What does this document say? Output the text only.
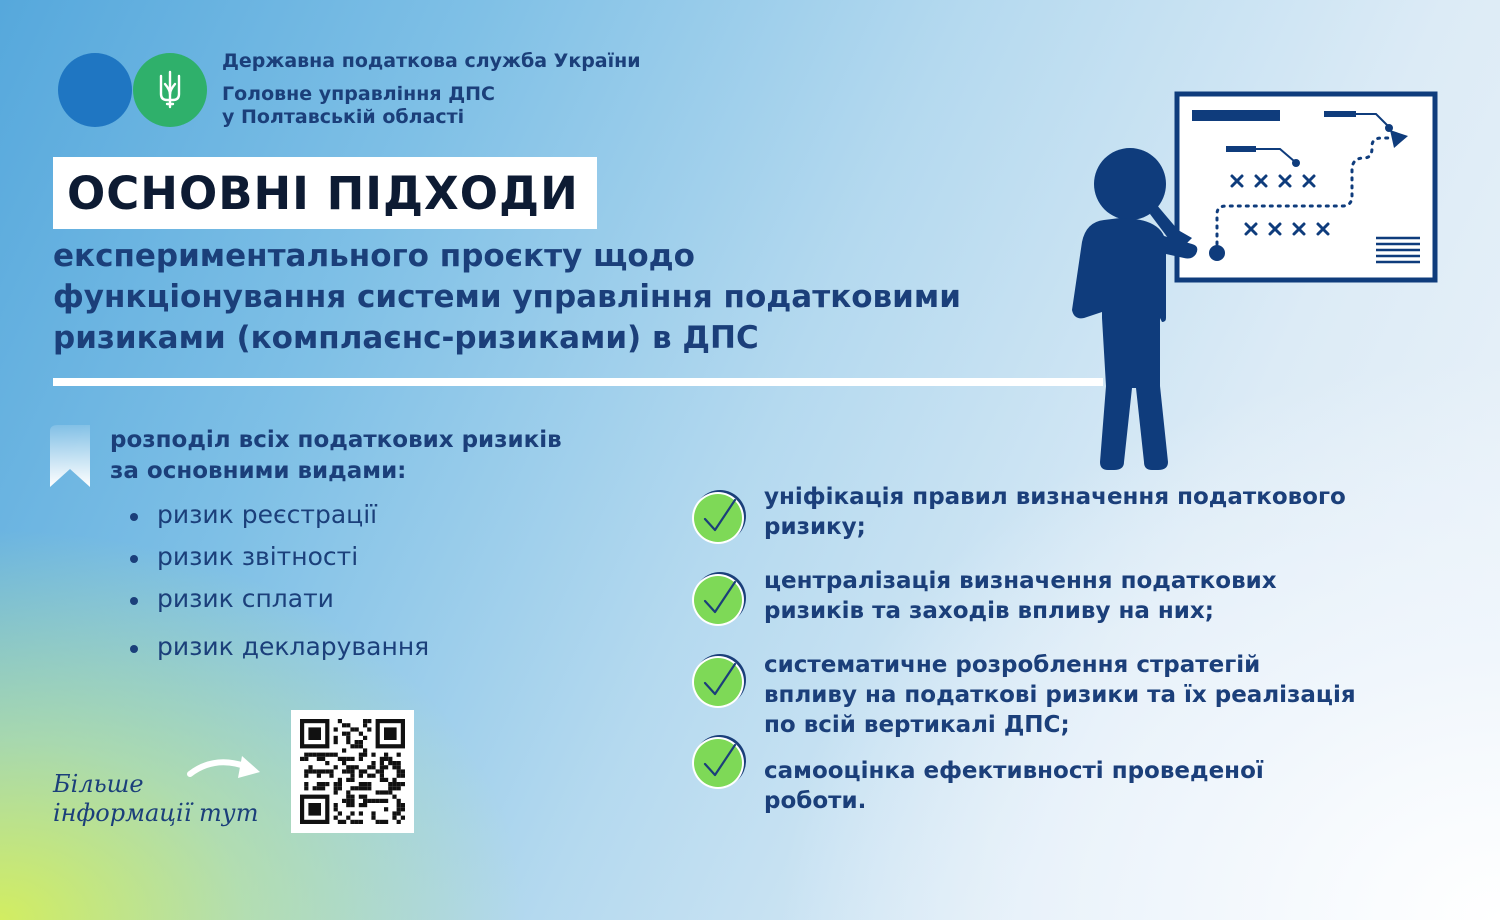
Державна податкова служба України
Головне управління ДПС
у Полтавській області
ОСНОВНІ ПІДХОДИ
експериментального проєкту щодо
функціонування системи управління податковими
ризиками (комплаєнс-ризиками) в ДПС
розподіл всіх податкових ризиків
за основними видами:
ризик реєстрації
ризик звітності
ризик сплати
ризик декларування
Більше
інформації тут
уніфікація правил визначення податкового
ризику;
централізація визначення податкових
ризиків та заходів впливу на них;
систематичне розроблення стратегій
впливу на податкові ризики та їх реалізація
по всій вертикалі ДПС;
самооцінка ефективності проведеної
роботи.
